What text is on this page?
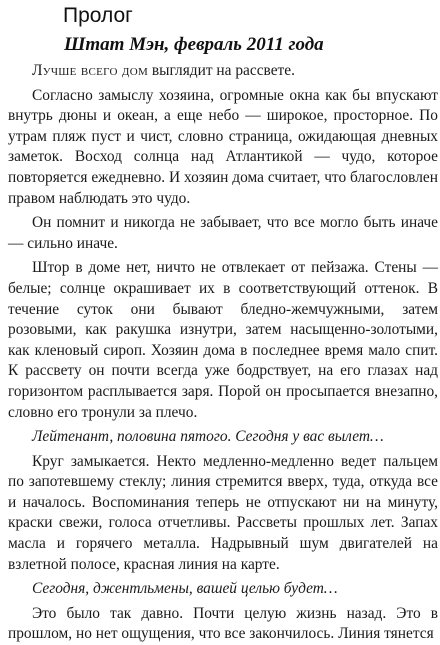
Пролог
Штат Мэн, февраль 2011 года

Лучше всего дом выглядит на рассвете.

Согласно замыслу хозяина, огромные окна как бы впускают внутрь дюны и океан, а еще небо — широкое, просторное. По утрам пляж пуст и чист, словно страница, ожидающая дневных заметок. Восход солнца над Атлантикой — чудо, которое повторяется ежедневно. И хозяин дома считает, что благословлен правом наблюдать это чудо.

Он помнит и никогда не забывает, что все могло быть иначе — сильно иначе.

Штор в доме нет, ничто не отвлекает от пейзажа. Стены — белые; солнце окрашивает их в соответствующий оттенок. В течение суток они бывают бледно-жемчужными, затем розовыми, как ракушка изнутри, затем насыщенно-золотыми, как кленовый сироп. Хозяин дома в последнее время мало спит. К рассвету он почти всегда уже бодрствует, на его глазах над горизонтом расплывается заря. Порой он просыпается внезапно, словно его тронули за плечо.

Лейтенант, половина пятого. Сегодня у вас вылет…

Круг замыкается. Некто медленно-медленно ведет пальцем по запотевшему стеклу; линия стремится вверх, туда, откуда все и началось. Воспоминания теперь не отпускают ни на минуту, краски свежи, голоса отчетливы. Рассветы прошлых лет. Запах масла и горячего металла. Надрывный шум двигателей на взлетной полосе, красная линия на карте.

Сегодня, джентльмены, вашей целью будет…

Это было так давно. Почти целую жизнь назад. Это в прошлом, но нет ощущения, что все закончилось. Линия тянется
